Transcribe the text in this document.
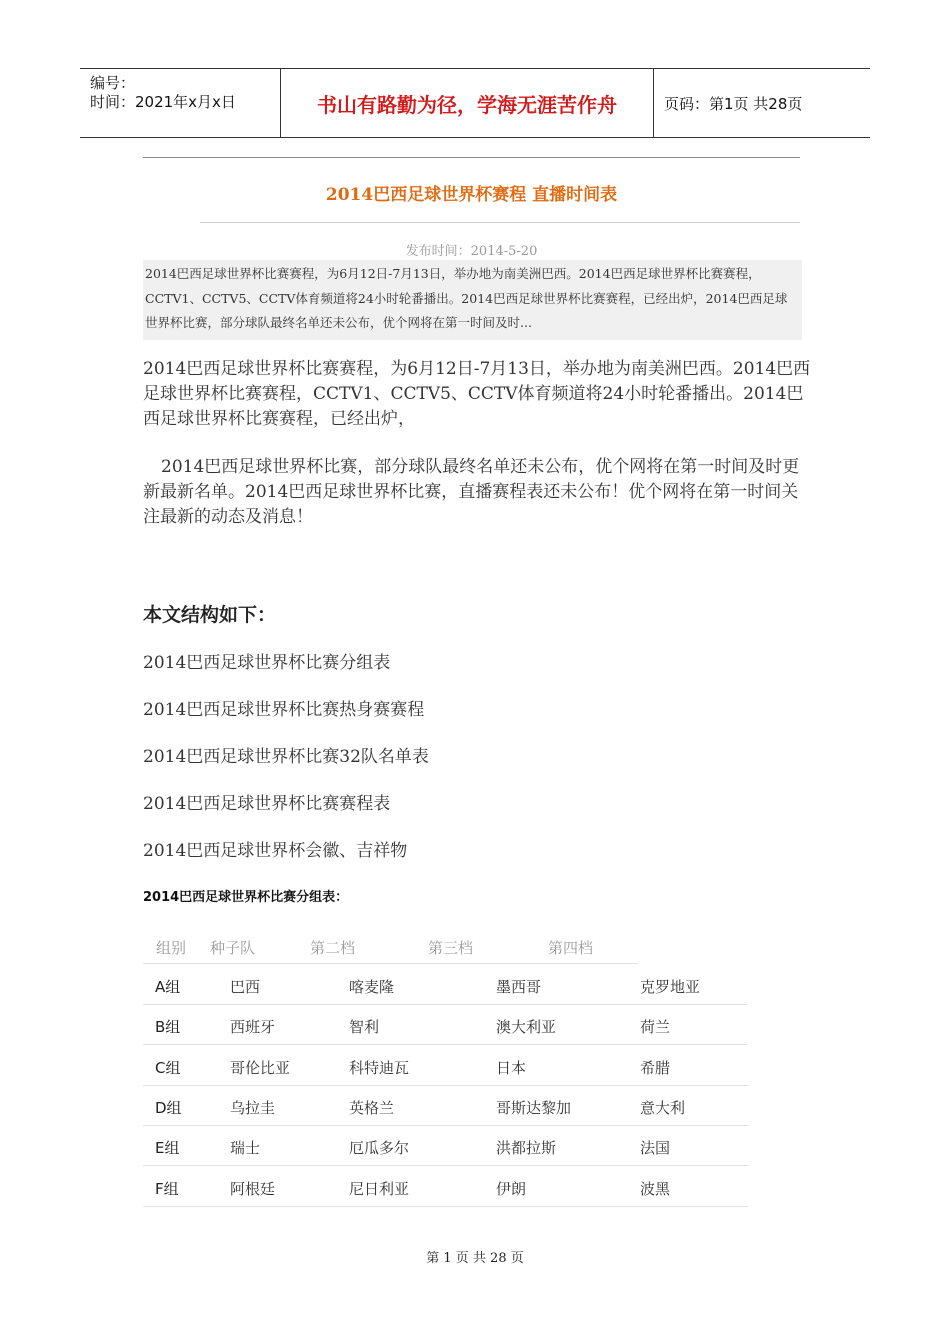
编号：
时间：2021年x月x日	书山有路勤为径，学海无涯苦作舟	页码：第1页 共28页
2014巴西足球世界杯赛程 直播时间表
发布时间：2014-5-20
2014巴西足球世界杯比赛赛程，为6月12日-7月13日，举办地为南美洲巴西。2014巴西足球世界杯比赛赛程，CCTV1、CCTV5、CCTV体育频道将24小时轮番播出。2014巴西足球世界杯比赛赛程，已经出炉，2014巴西足球世界杯比赛，部分球队最终名单还未公布，优个网将在第一时间及时...
2014巴西足球世界杯比赛赛程，为6月12日-7月13日，举办地为南美洲巴西。2014巴西足球世界杯比赛赛程，CCTV1、CCTV5、CCTV体育频道将24小时轮番播出。2014巴西足球世界杯比赛赛程，已经出炉，
2014巴西足球世界杯比赛，部分球队最终名单还未公布，优个网将在第一时间及时更新最新名单。2014巴西足球世界杯比赛，直播赛程表还未公布！优个网将在第一时间关注最新的动态及消息！
本文结构如下：
2014巴西足球世界杯比赛分组表
2014巴西足球世界杯比赛热身赛赛程
2014巴西足球世界杯比赛32队名单表
2014巴西足球世界杯比赛赛程表
2014巴西足球世界杯会徽、吉祥物
2014巴西足球世界杯比赛分组表：
组别 种子队	第二档	第三档	第四档
A组	巴西	喀麦隆	墨西哥	克罗地亚
B组	西班牙	智利	澳大利亚	荷兰
C组	哥伦比亚	科特迪瓦	日本	希腊
D组	乌拉圭	英格兰	哥斯达黎加	意大利
E组	瑞士	厄瓜多尔	洪都拉斯	法国
F组	阿根廷	尼日利亚	伊朗	波黑
第 1 页 共 28 页
